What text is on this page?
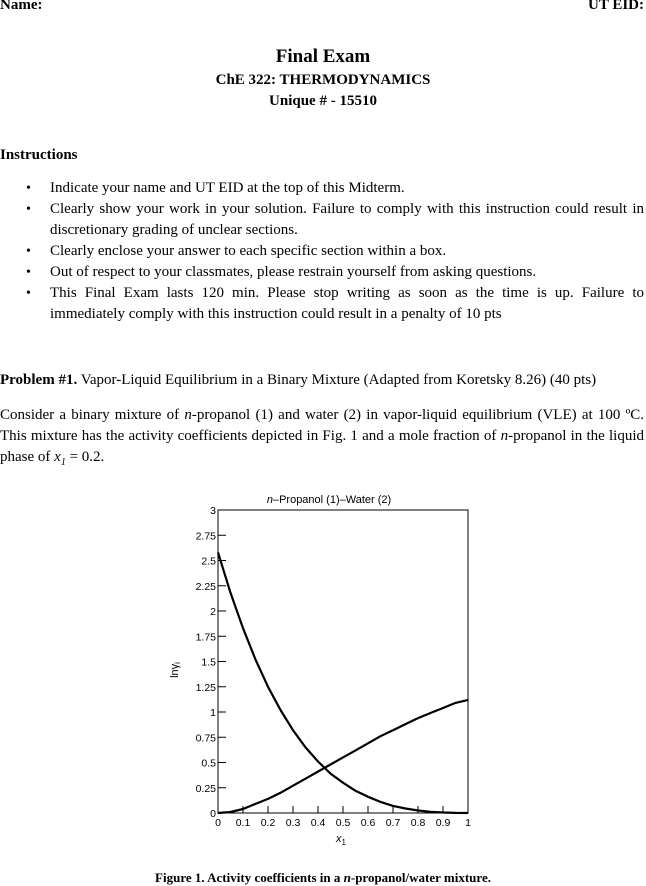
Name:	UT EID:
Final Exam
ChE 322: THERMODYNAMICS
Unique # - 15510
Instructions
• Indicate your name and UT EID at the top of this Midterm.
• Clearly show your work in your solution. Failure to comply with this instruction could result in discretionary grading of unclear sections.
• Clearly enclose your answer to each specific section within a box.
• Out of respect to your classmates, please restrain yourself from asking questions.
• This Final Exam lasts 120 min. Please stop writing as soon as the time is up. Failure to immediately comply with this instruction could result in a penalty of 10 pts
Problem #1. Vapor-Liquid Equilibrium in a Binary Mixture (Adapted from Koretsky 8.26) (40 pts)
Consider a binary mixture of n-propanol (1) and water (2) in vapor-liquid equilibrium (VLE) at 100 ºC. This mixture has the activity coefficients depicted in Fig. 1 and a mole fraction of n-propanol in the liquid phase of $x_1 = 0.2$.
n–Propanol (1)–Water (2)
0
0.25
0.5
0.75
1
1.25
1.5
1.75
2
2.25
2.5
2.75
3
0 0.1 0.2 0.3 0.4 0.5 0.6 0.7 0.8 0.9 1
lnγi
$x_1$
Figure 1. Activity coefficients in a n-propanol/water mixture.
